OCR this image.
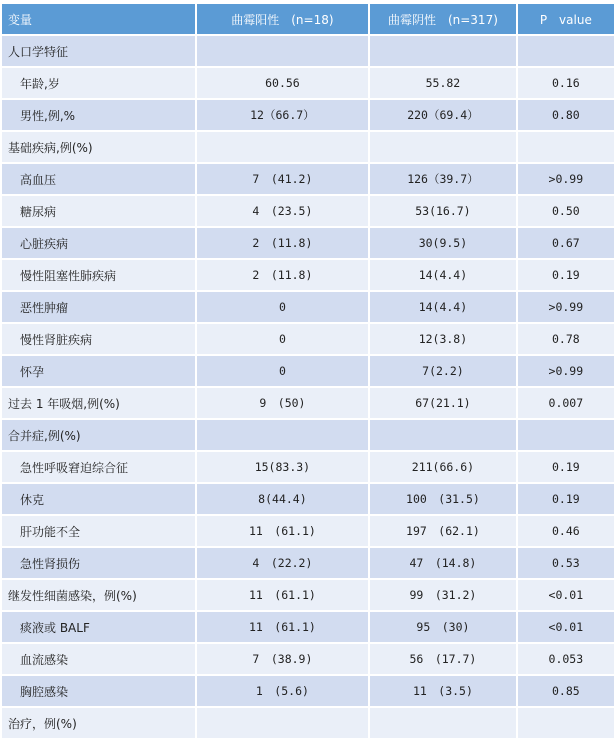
变量	曲霉阳性　(n=18)	曲霉阴性　(n=317)	P　value
人口学特征			
年龄,岁	60.56	55.82	0.16
男性,例,%	12（66.7）	220（69.4）	0.80
基础疾病,例(%)			
高血压	7　(41.2)	126（39.7）	>0.99
糖尿病	4　(23.5)	53(16.7)	0.50
心脏疾病	2　(11.8)	30(9.5)	0.67
慢性阻塞性肺疾病	2　(11.8)	14(4.4)	0.19
恶性肿瘤	0	14(4.4)	>0.99
慢性肾脏疾病	0	12(3.8)	0.78
怀孕	0	7(2.2)	>0.99
过去 1 年吸烟,例(%)	9　(50)	67(21.1)	0.007
合并症,例(%)			
急性呼吸窘迫综合征	15(83.3)	211(66.6)	0.19
休克	8(44.4)	100　(31.5)	0.19
肝功能不全	11　(61.1)	197　(62.1)	0.46
急性肾损伤	4　(22.2)	47　(14.8)	0.53
继发性细菌感染，例(%)	11　(61.1)	99　(31.2)	<0.01
痰液或 BALF	11　(61.1)	95　(30)	<0.01
血流感染	7　(38.9)	56　(17.7)	0.053
胸腔感染	1　(5.6)	11　(3.5)	0.85
治疗，例(%)			
